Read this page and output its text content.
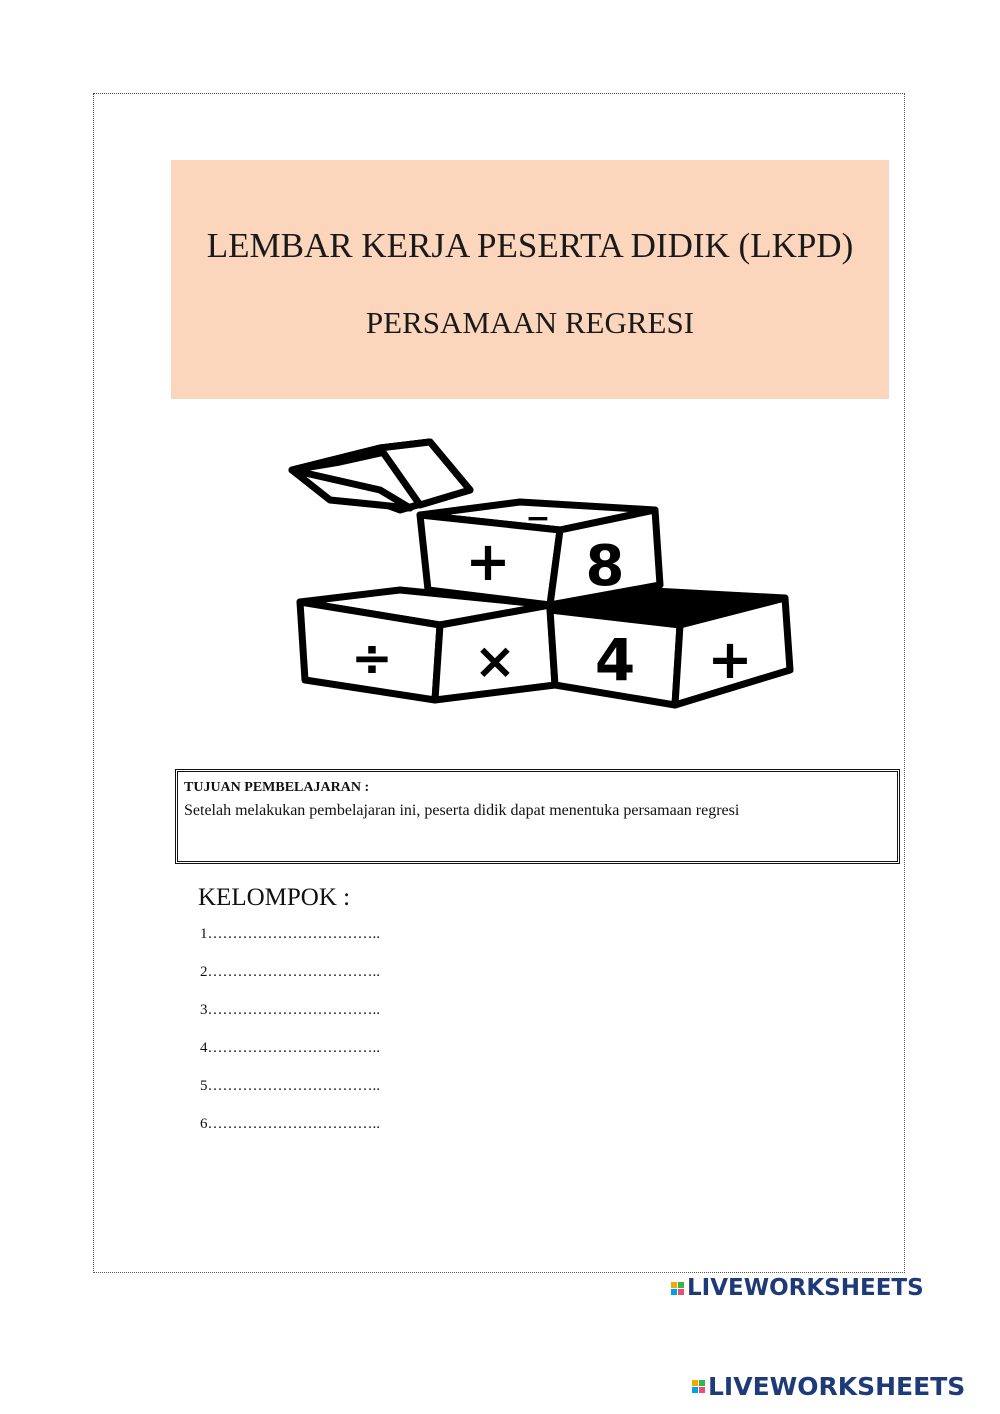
LEMBAR KERJA PESERTA DIDIK (LKPD)
PERSAMAAN REGRESI
−
+ 8
÷ × 4 +

TUJUAN PEMBELAJARAN :

Setelah melakukan pembelajaran ini, peserta didik dapat menentuka persamaan regresi

KELOMPOK :
1……………………………..
2……………………………..
3……………………………..
4……………………………..
5……………………………..
6……………………………..
LIVEWORKSHEETS
LIVEWORKSHEETS
